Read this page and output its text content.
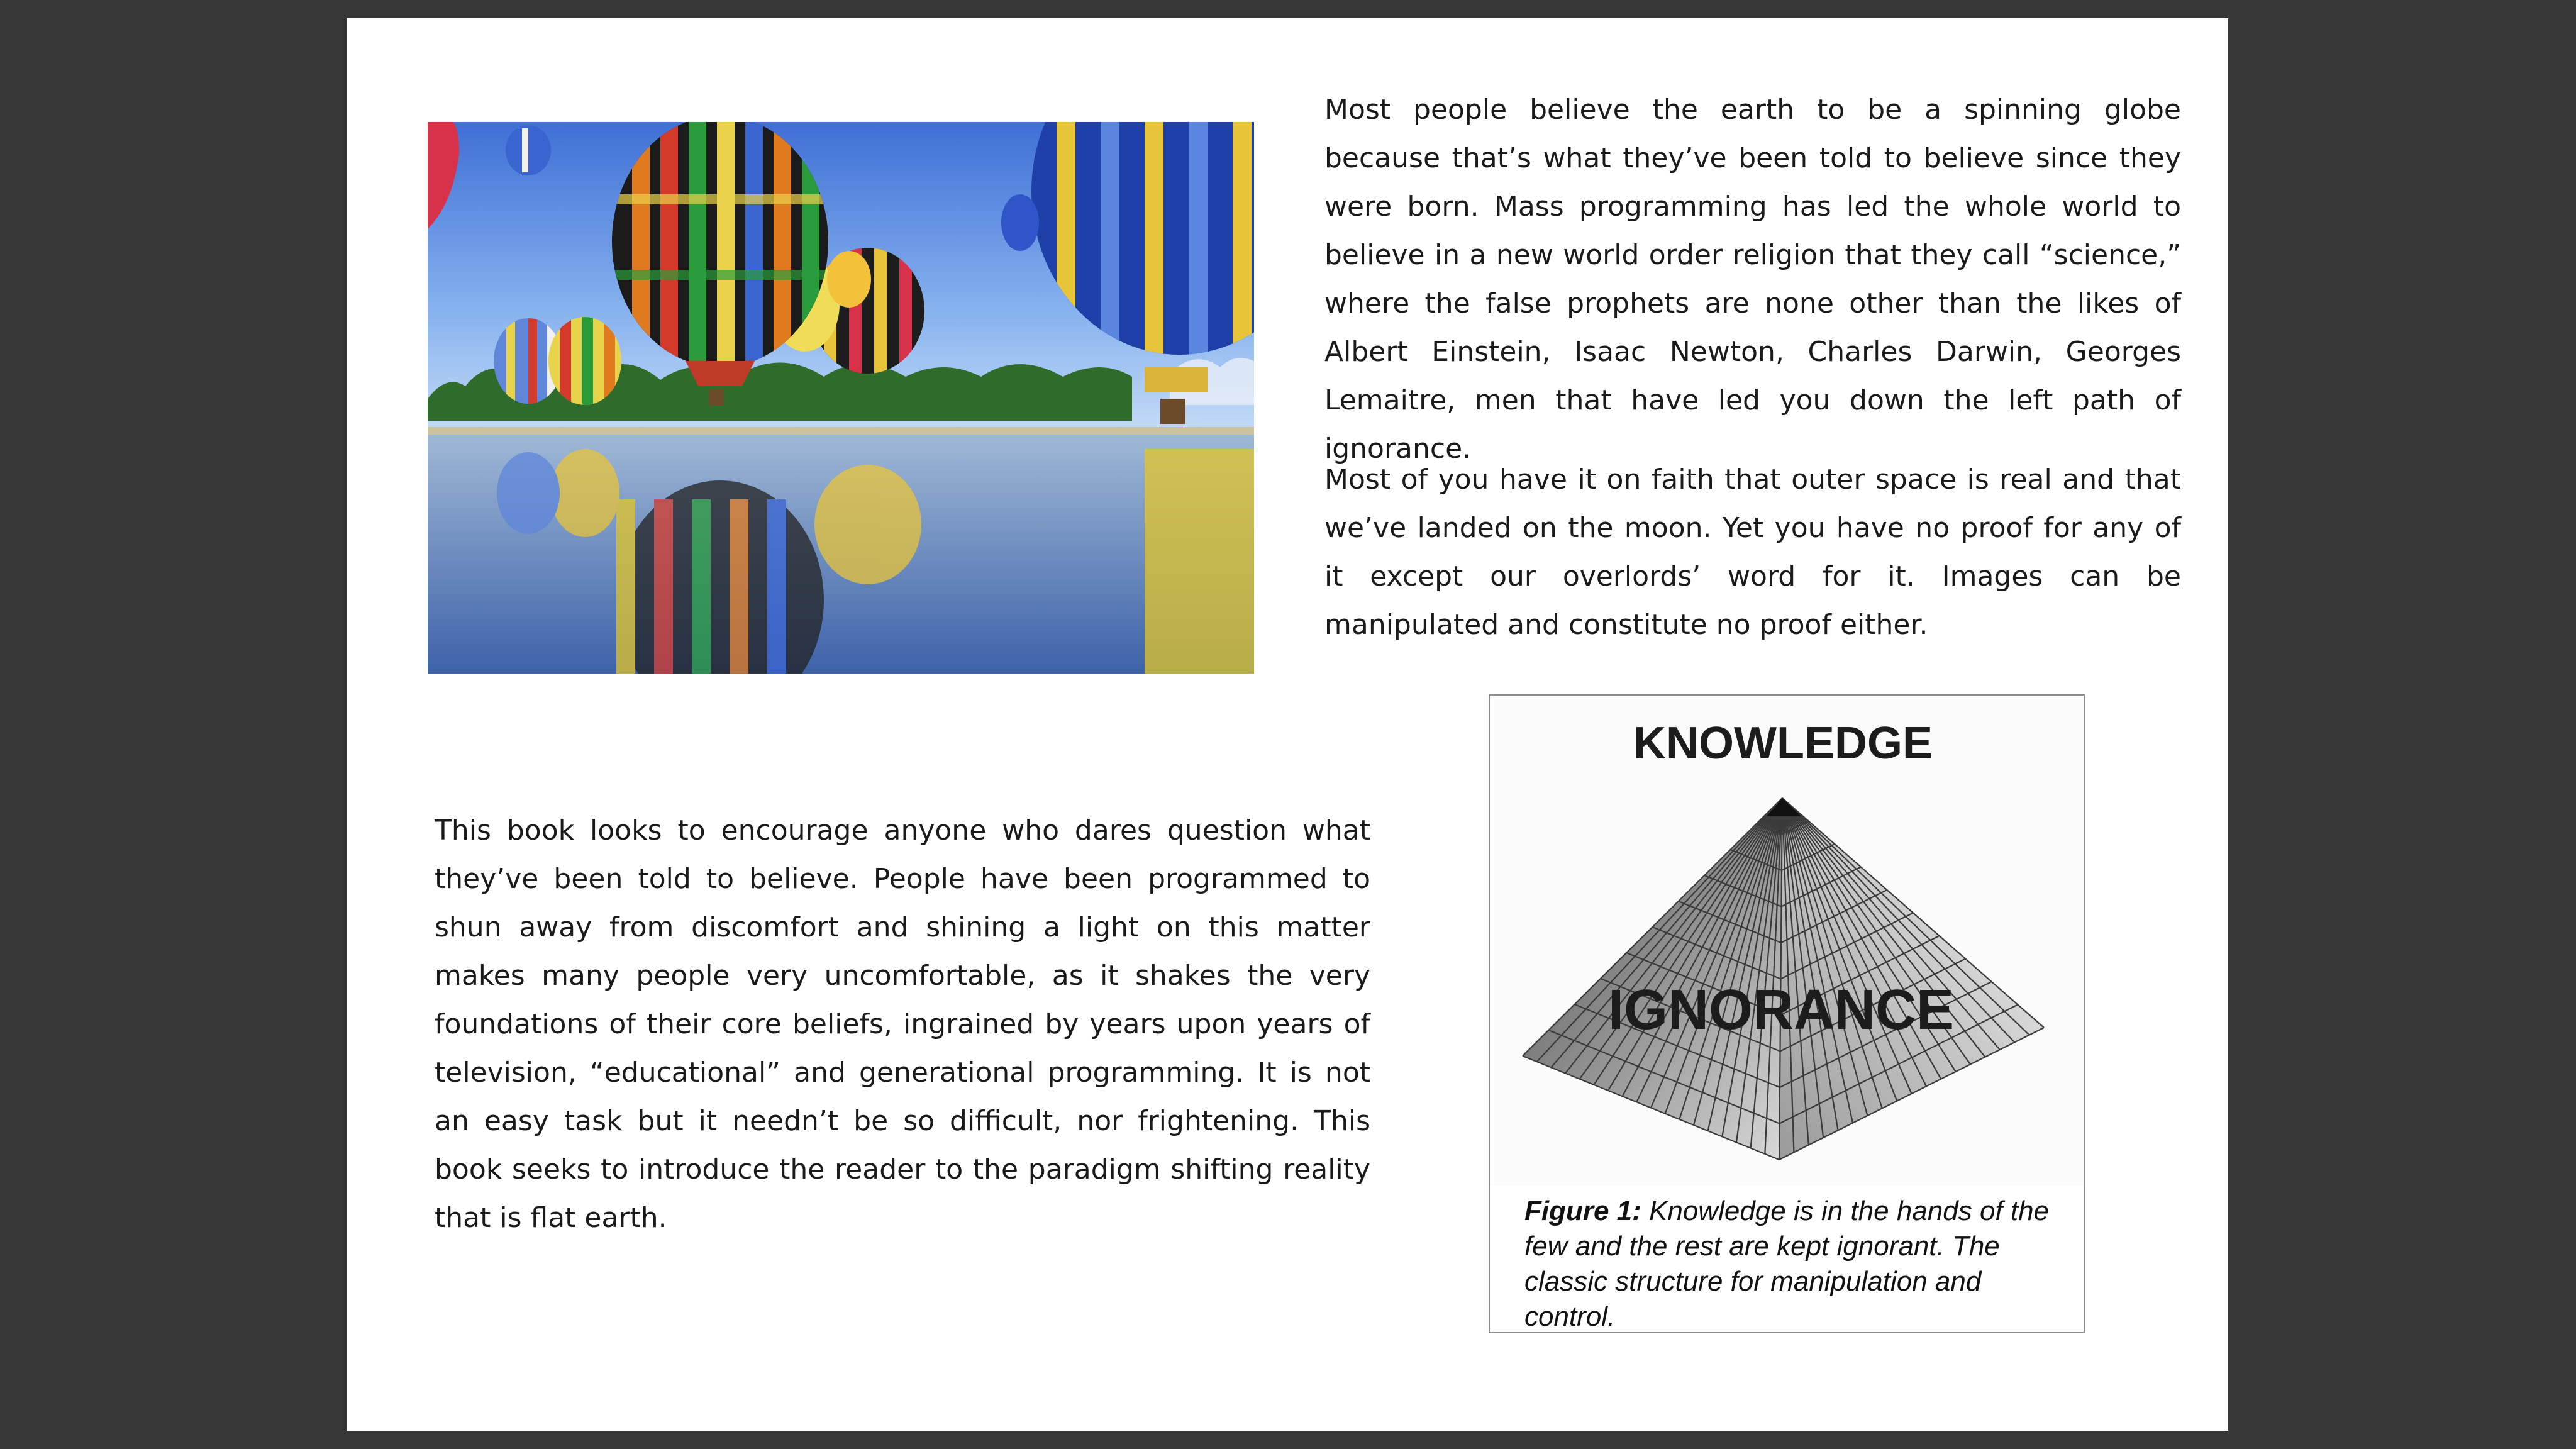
Most people believe the earth to be a spinning globe because that’s what they’ve been told to believe since they were born. Mass programming has led the whole world to believe in a new world order religion that they call “science,” where the false prophets are none other than the likes of Albert Einstein, Isaac Newton, Charles Darwin, Georges Lemaitre, men that have led you down the left path of ignorance.

Most of you have it on faith that outer space is real and that we’ve landed on the moon. Yet you have no proof for any of it except our overlords’ word for it. Images can be manipulated and constitute no proof either.

This book looks to encourage anyone who dares question what they’ve been told to believe. People have been programmed to shun away from discomfort and shining a light on this matter makes many people very uncomfortable, as it shakes the very foundations of their core beliefs, ingrained by years upon years of television, “educational” and generational programming. It is not an easy task but it needn’t be so difficult, nor frightening. This book seeks to introduce the reader to the paradigm shifting reality that is flat earth.

KNOWLEDGE
IGNORANCE
Figure 1: Knowledge is in the hands of the few and the rest are kept ignorant. The classic structure for manipulation and control.
